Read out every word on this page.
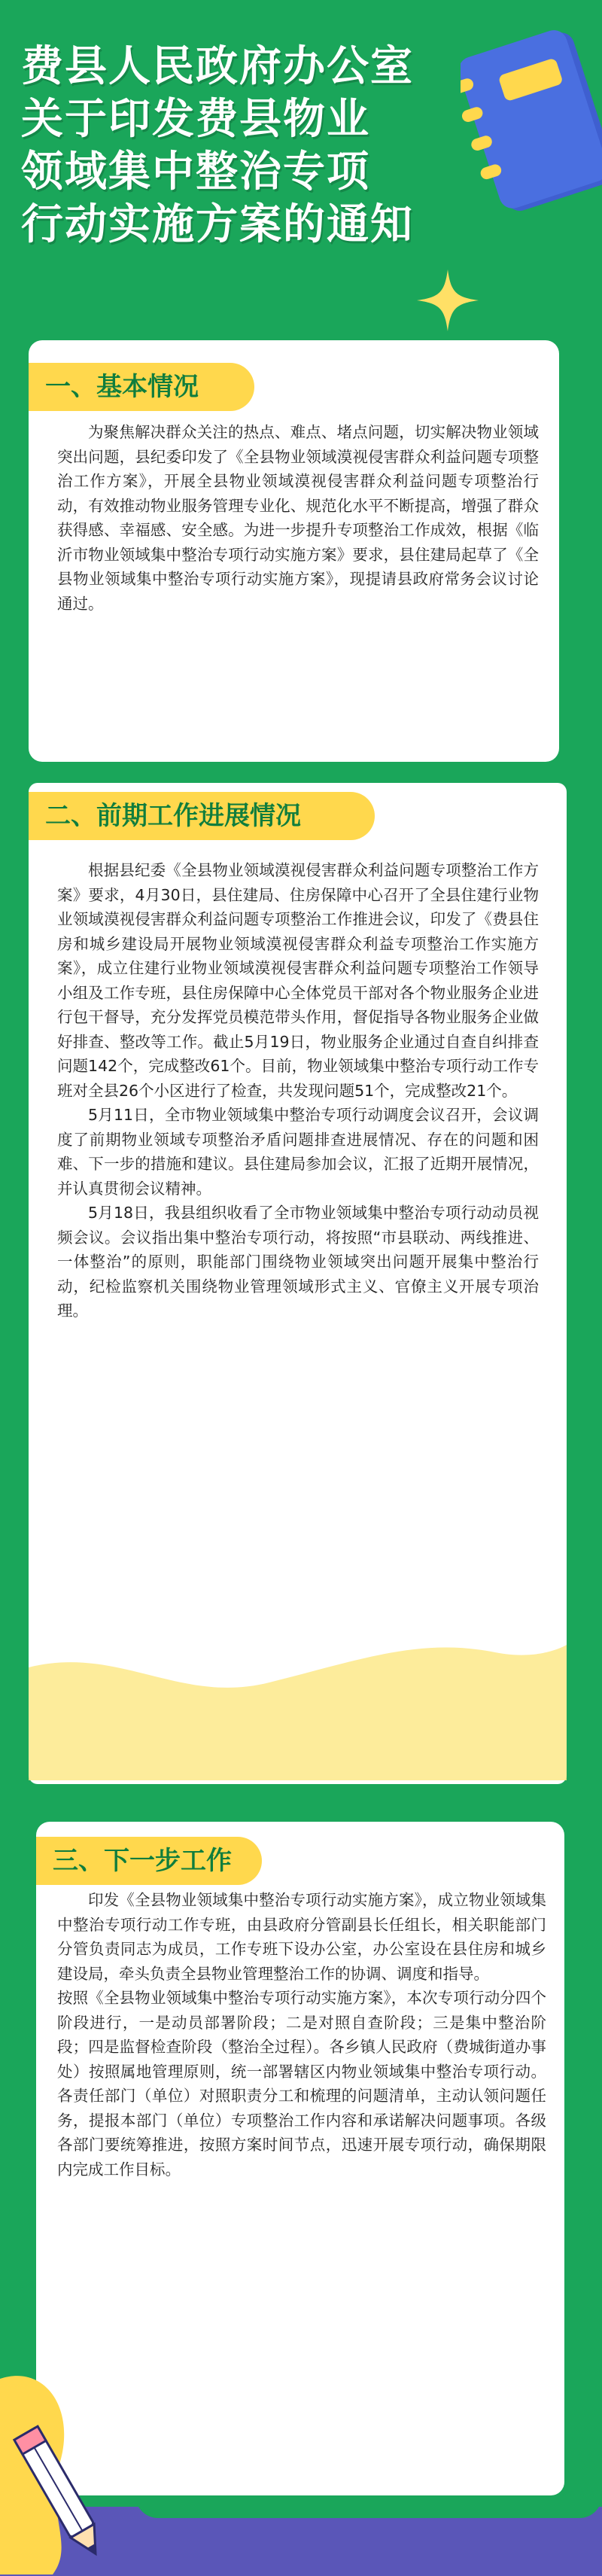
费县人民政府办公室
关于印发费县物业
领域集中整治专项
行动实施方案的通知
一、基本情况

为聚焦解决群众关注的热点、难点、堵点问题，切实解决物业领域突出问题，县纪委印发了《全县物业领域漠视侵害群众利益问题专项整治工作方案》，开展全县物业领域漠视侵害群众利益问题专项整治行动，有效推动物业服务管理专业化、规范化水平不断提高，增强了群众获得感、幸福感、安全感。为进一步提升专项整治工作成效，根据《临沂市物业领域集中整治专项行动实施方案》要求，县住建局起草了《全县物业领域集中整治专项行动实施方案》，现提请县政府常务会议讨论通过。

二、前期工作进展情况

根据县纪委《全县物业领域漠视侵害群众利益问题专项整治工作方案》要求，4月30日，县住建局、住房保障中心召开了全县住建行业物业领域漠视侵害群众利益问题专项整治工作推进会议，印发了《费县住房和城乡建设局开展物业领域漠视侵害群众利益专项整治工作实施方案》，成立住建行业物业领域漠视侵害群众利益问题专项整治工作领导小组及工作专班，县住房保障中心全体党员干部对各个物业服务企业进行包干督导，充分发挥党员模范带头作用，督促指导各物业服务企业做好排查、整改等工作。截止5月19日，物业服务企业通过自查自纠排查问题142个，完成整改61个。目前，物业领域集中整治专项行动工作专班对全县26个小区进行了检查，共发现问题51个，完成整改21个。

5月11日，全市物业领域集中整治专项行动调度会议召开，会议调度了前期物业领域专项整治矛盾问题排查进展情况、存在的问题和困难、下一步的措施和建议。县住建局参加会议，汇报了近期开展情况，并认真贯彻会议精神。

5月18日，我县组织收看了全市物业领域集中整治专项行动动员视频会议。会议指出集中整治专项行动，将按照“市县联动、两线推进、一体整治”的原则，职能部门围绕物业领域突出问题开展集中整治行动，纪检监察机关围绕物业管理领域形式主义、官僚主义开展专项治理。

三、下一步工作

印发《全县物业领域集中整治专项行动实施方案》，成立物业领域集中整治专项行动工作专班，由县政府分管副县长任组长，相关职能部门分管负责同志为成员，工作专班下设办公室，办公室设在县住房和城乡建设局，牵头负责全县物业管理整治工作的协调、调度和指导。

按照《全县物业领域集中整治专项行动实施方案》，本次专项行动分四个阶段进行，一是动员部署阶段；二是对照自查阶段；三是集中整治阶段；四是监督检查阶段（整治全过程）。各乡镇人民政府（费城街道办事处）按照属地管理原则，统一部署辖区内物业领域集中整治专项行动。各责任部门（单位）对照职责分工和梳理的问题清单，主动认领问题任务，提报本部门（单位）专项整治工作内容和承诺解决问题事项。各级各部门要统筹推进，按照方案时间节点，迅速开展专项行动，确保期限内完成工作目标。
